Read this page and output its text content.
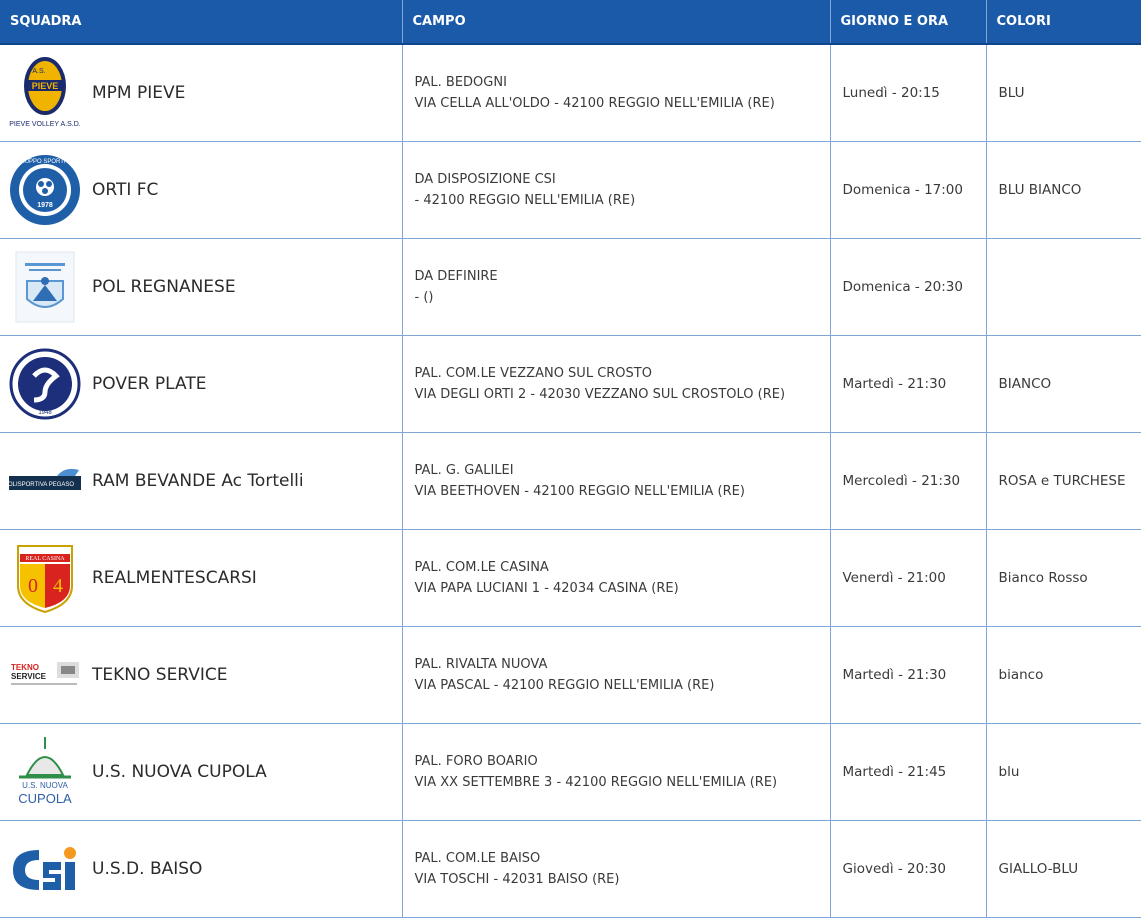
SQUADRA	CAMPO	GIORNO E ORA	COLORI

PIEVE
A.S.
PIEVE VOLLEY A.S.D.
MPM PIEVE	PAL. BEDOGNI
VIA CELLA ALL'OLDO - 42100 REGGIO NELL'EMILIA (RE)	Lunedì - 20:15	BLU

1978
GRUPPO SPORTIVO
ORTI FC	DA DISPOSIZIONE CSI
- 42100 REGGIO NELL'EMILIA (RE)	Domenica - 17:00	BLU BIANCO

POL REGNANESE	DA DEFINIRE
- ()	Domenica - 20:30	

1948
POVER PLATE	PAL. COM.LE VEZZANO SUL CROSTO
VIA DEGLI ORTI 2 - 42030 VEZZANO SUL CROSTOLO (RE)	Martedì - 21:30	BIANCO

POLISPORTIVA PEGASO RAM BEVANDE Ac Tortelli	PAL. G. GALILEI
VIA BEETHOVEN - 42100 REGGIO NELL'EMILIA (RE)	Mercoledì - 21:30	ROSA e TURCHESE

REAL CASINA
0 4 REALMENTESCARSI	PAL. COM.LE CASINA
VIA PAPA LUCIANI 1 - 42034 CASINA (RE)	Venerdì - 21:00	Bianco Rosso

TEKNO
SERVICE TEKNO SERVICE	PAL. RIVALTA NUOVA
VIA PASCAL - 42100 REGGIO NELL'EMILIA (RE)	Martedì - 21:30	bianco

U.S. NUOVA
CUPOLA
U.S. NUOVA CUPOLA	PAL. FORO BOARIO
VIA XX SETTEMBRE 3 - 42100 REGGIO NELL'EMILIA (RE)	Martedì - 21:45	blu

U.S.D. BAISO	PAL. COM.LE BAISO
VIA TOSCHI - 42031 BAISO (RE)	Giovedì - 20:30	GIALLO-BLU
